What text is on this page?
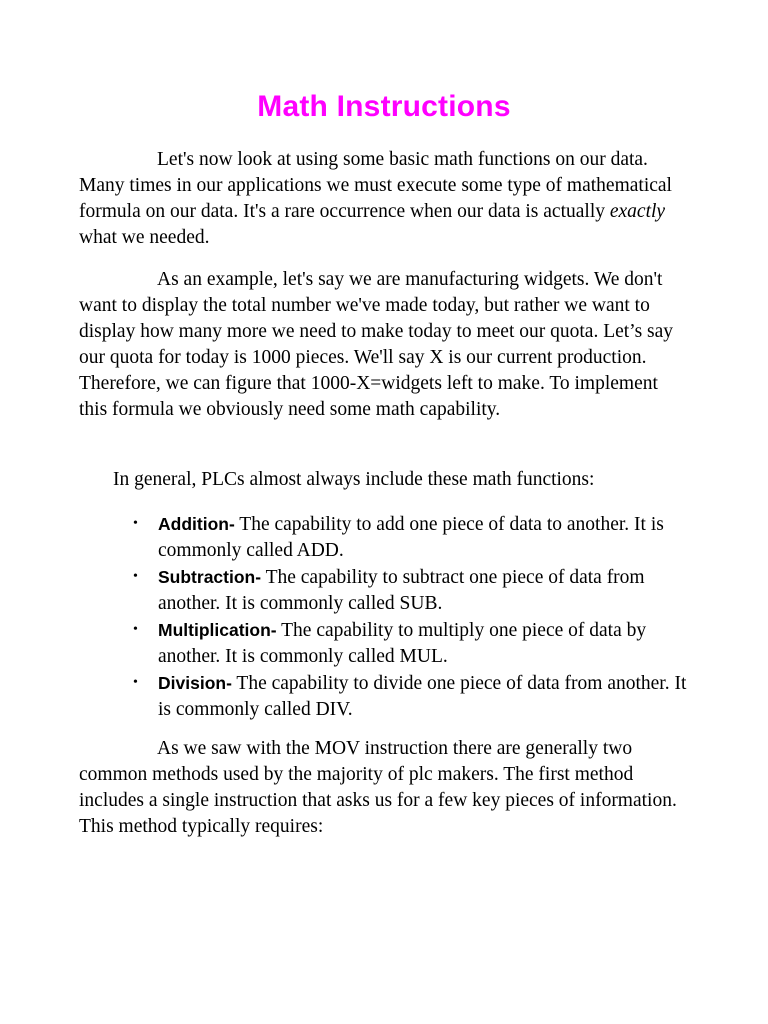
Math Instructions

Let's now look at using some basic math functions on our data. Many times in our applications we must execute some type of mathematical formula on our data. It's a rare occurrence when our data is actually exactly what we needed.

As an example, let's say we are manufacturing widgets. We don't want to display the total number we've made today, but rather we want to display how many more we need to make today to meet our quota. Let’s say our quota for today is 1000 pieces. We'll say X is our current production. Therefore, we can figure that 1000-X=widgets left to make. To implement this formula we obviously need some math capability.

In general, PLCs almost always include these math functions:

• Addition- The capability to add one piece of data to another. It is commonly called ADD.
• Subtraction- The capability to subtract one piece of data from another. It is commonly called SUB.
• Multiplication- The capability to multiply one piece of data by another. It is commonly called MUL.
• Division- The capability to divide one piece of data from another. It is commonly called DIV.

As we saw with the MOV instruction there are generally two common methods used by the majority of plc makers. The first method includes a single instruction that asks us for a few key pieces of information. This method typically requires:
